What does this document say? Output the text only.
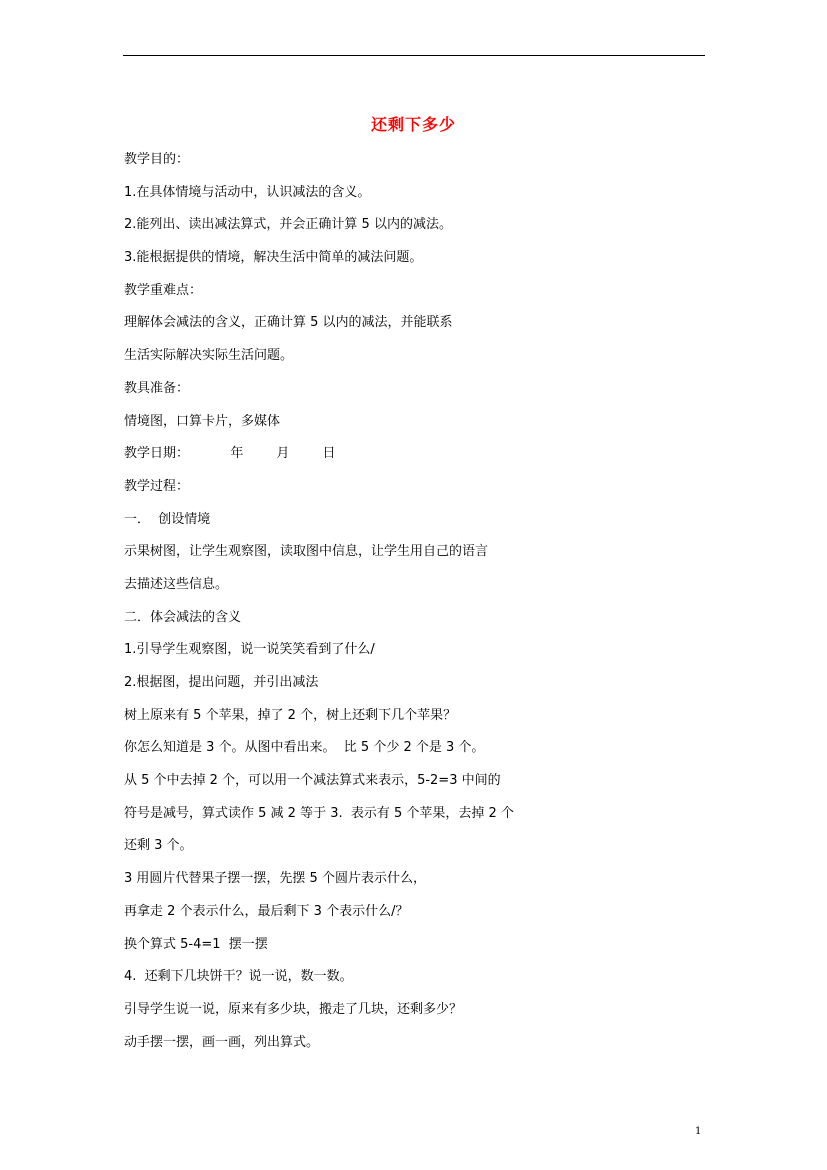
还剩下多少
教学目的：
1.在具体情境与活动中，认识减法的含义。
2.能列出、读出减法算式，并会正确计算 5 以内的减法。
3.能根据提供的情境，解决生活中简单的减法问题。
教学重难点：
理解体会减法的含义，正确计算 5 以内的减法，并能联系
生活实际解决实际生活问题。
教具准备：
情境图，口算卡片，多媒体
教学日期：          年        月        日
教学过程：
一．  创设情境
示果树图，让学生观察图，读取图中信息，让学生用自己的语言
去描述这些信息。
二．体会减法的含义
1.引导学生观察图，说一说笑笑看到了什么/
2.根据图，提出问题，并引出减法
树上原来有 5 个苹果，掉了 2 个，树上还剩下几个苹果？
你怎么知道是 3 个。从图中看出来。  比 5 个少 2 个是 3 个。
从 5 个中去掉 2 个，可以用一个减法算式来表示，5-2=3 中间的
符号是减号，算式读作 5 减 2 等于 3.  表示有 5 个苹果，去掉 2 个
还剩 3 个。
3 用圆片代替果子摆一摆，先摆 5 个圆片表示什么，
再拿走 2 个表示什么，最后剩下 3 个表示什么/？
换个算式 5-4=1  摆一摆
4.  还剩下几块饼干？说一说，数一数。
引导学生说一说，原来有多少块，搬走了几块，还剩多少？
动手摆一摆，画一画，列出算式。
1
